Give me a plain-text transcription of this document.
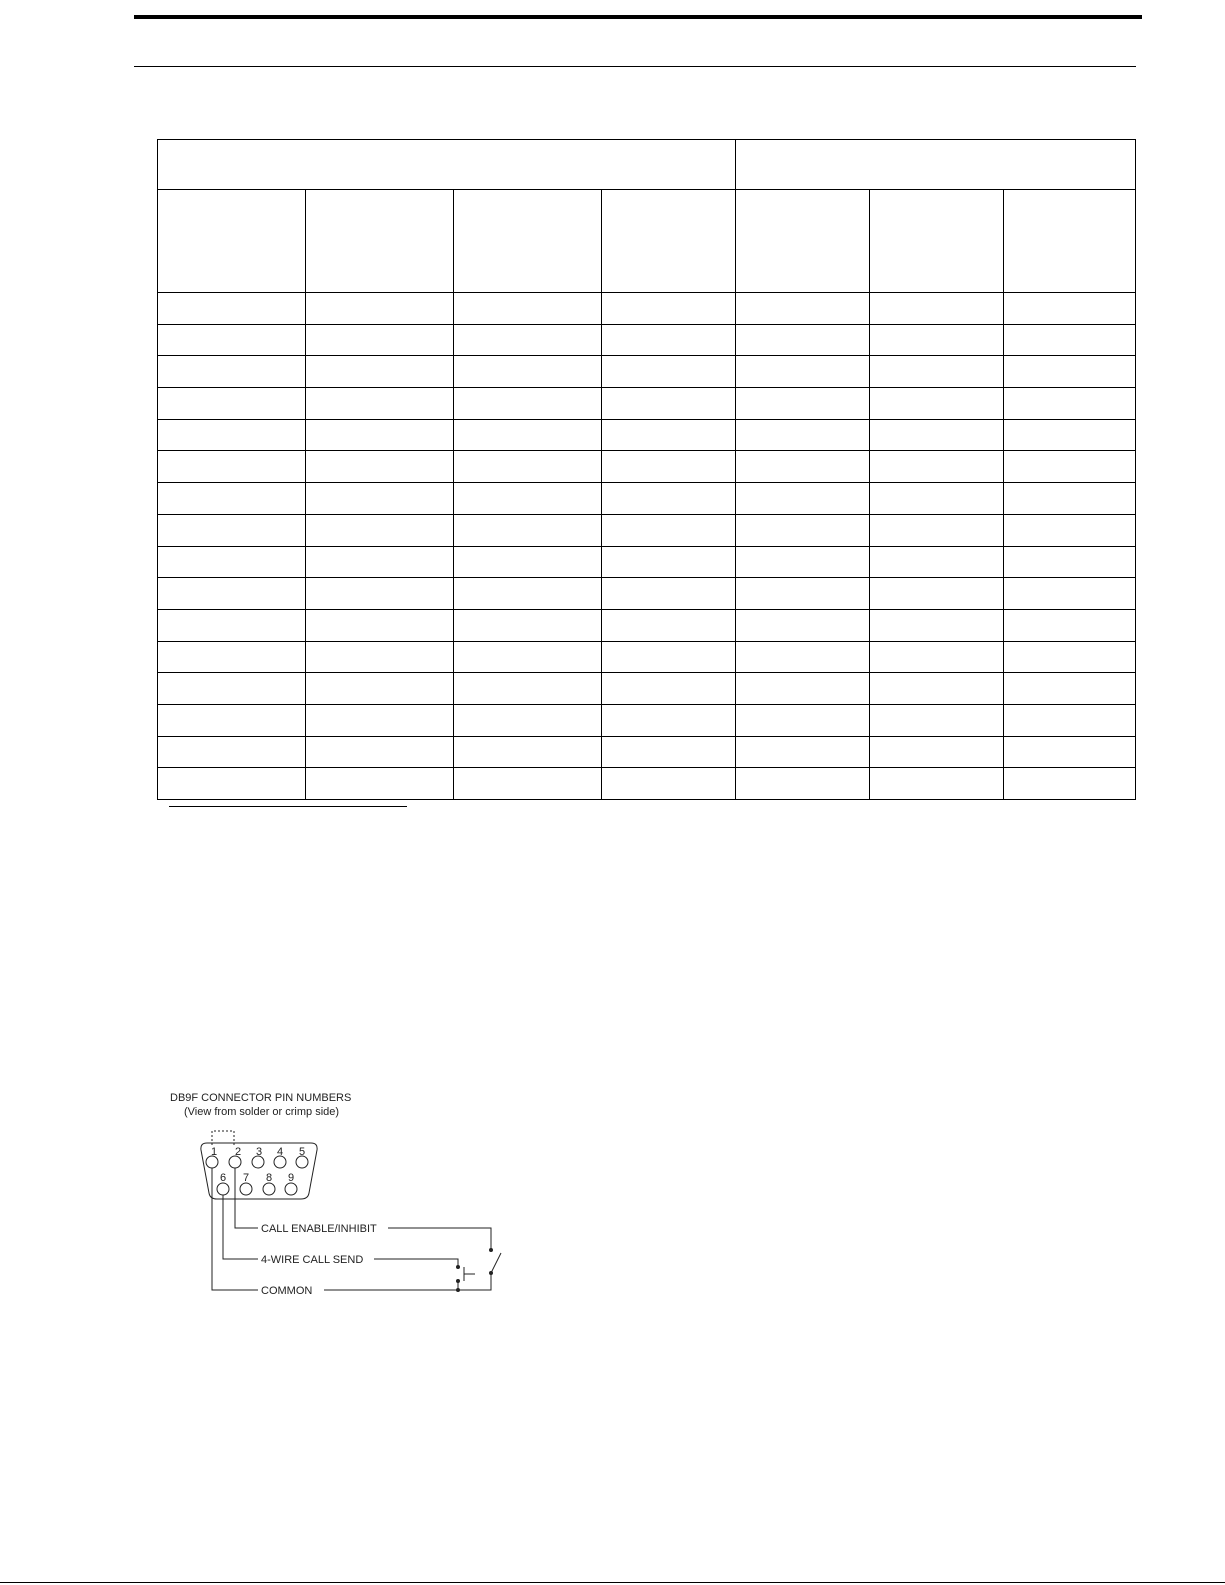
DB9F CONNECTOR PIN NUMBERS
(View from solder or crimp side)
1 2 3 4 5
6 7 8 9
CALL ENABLE/INHIBIT
4-WIRE CALL SEND
COMMON
